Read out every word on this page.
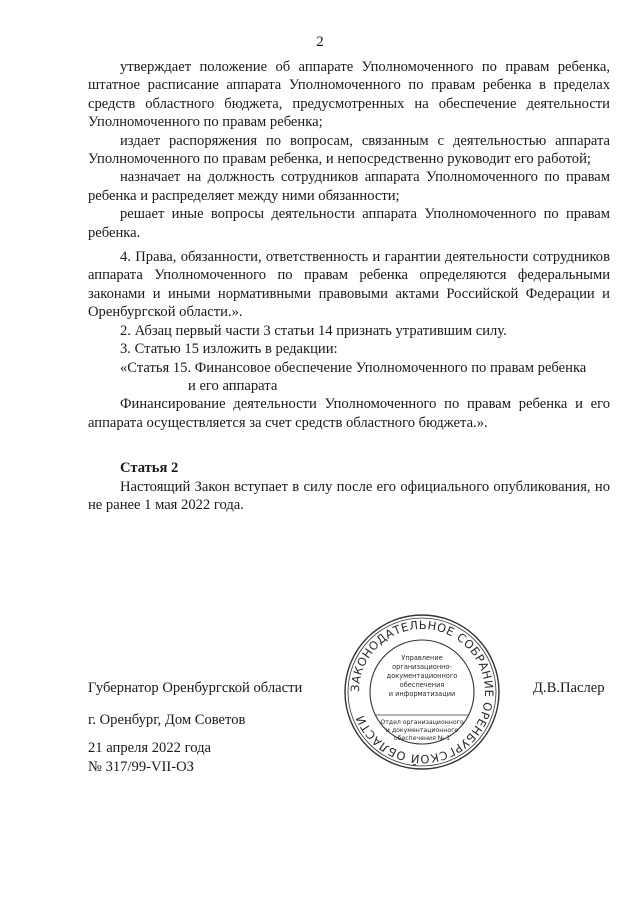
2

утверждает положение об аппарате Уполномоченного по правам ребенка, штатное расписание аппарата Уполномоченного по правам ребенка в пределах средств областного бюджета, предусмотренных на обеспечение деятельности Уполномоченного по правам ребенка;

издает распоряжения по вопросам, связанным с деятельностью аппарата Уполномоченного по правам ребенка, и непосредственно руководит его работой;

назначает на должность сотрудников аппарата Уполномоченного по правам ребенка и распределяет между ними обязанности;

решает иные вопросы деятельности аппарата Уполномоченного по правам ребенка.

4. Права, обязанности, ответственность и гарантии деятельности сотрудников аппарата Уполномоченного по правам ребенка определяются федеральными законами и иными нормативными правовыми актами Российской Федерации и Оренбургской области.».

2. Абзац первый части 3 статьи 14 признать утратившим силу.

3. Статью 15 изложить в редакции:

«Статья 15. Финансовое обеспечение Уполномоченного по правам ребенка

и его аппарата

Финансирование деятельности Уполномоченного по правам ребенка и его аппарата осуществляется за счет средств областного бюджета.».

Статья 2

Настоящий Закон вступает в силу после его официального опубликования, но не ранее 1 мая 2022 года.

Губернатор Оренбургской области	Д.В.Паслер
г. Оренбург, Дом Советов
21 апреля 2022 года
№ 317/99-VII-ОЗ
ЗАКОНОДАТЕЛЬНОЕ СОБРАНИЕ ОРЕНБУРГСКОЙ ОБЛАСТИ
Управление
организационно-
документационного
обеспечения
и информатизации
Отдел организационного
и документационного
обеспечения № 1
